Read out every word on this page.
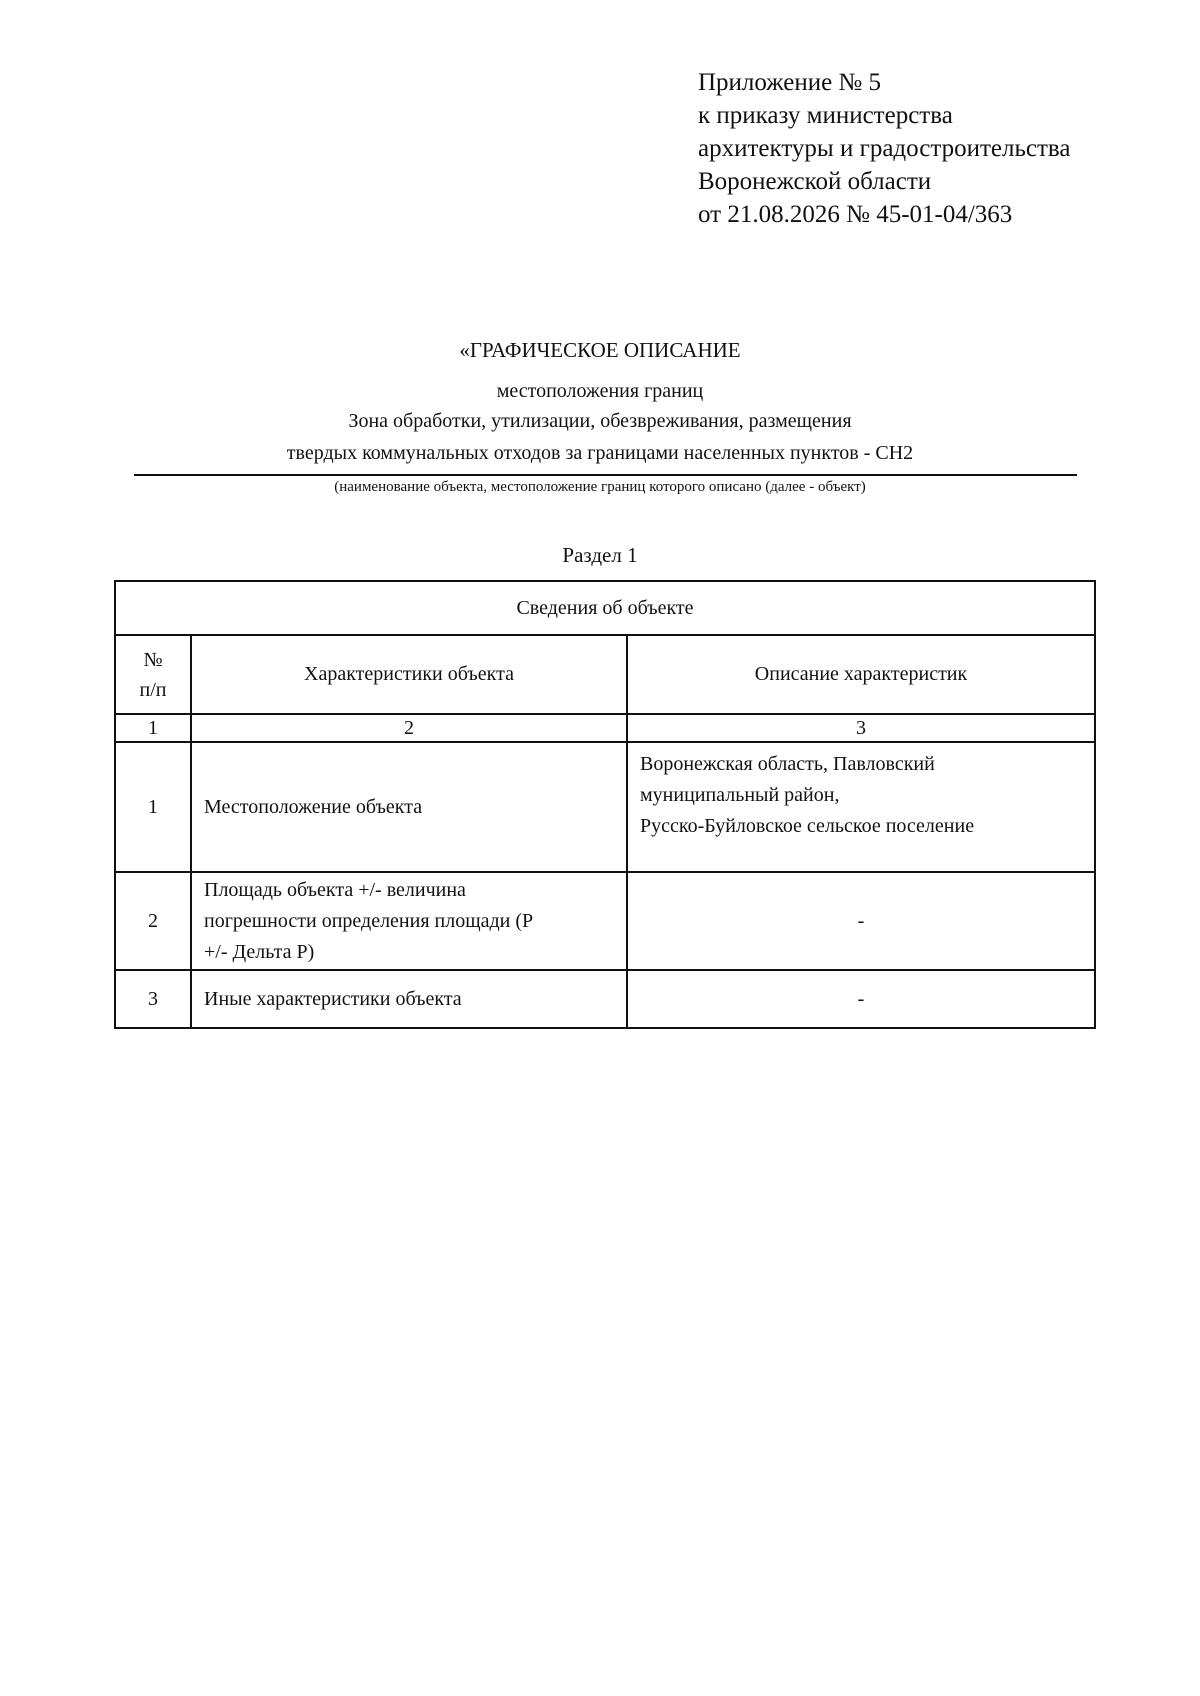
Приложение № 5
к приказу министерства
архитектуры и градостроительства
Воронежской области
от 21.08.2026 № 45-01-04/363
«ГРАФИЧЕСКОЕ ОПИСАНИЕ
местоположения границ
Зона обработки, утилизации, обезвреживания, размещения
твердых коммунальных отходов за границами населенных пунктов - СН2
(наименование объекта, местоположение границ которого описано (далее - объект)
Раздел 1
Сведения об объекте		

№
п/п	Характеристики объекта	Описание характеристик
1	2	3
1	Местоположение объекта	Воронежская область, Павловский
муниципальный район,
Русско-Буйловское сельское поселение

2	Площадь объекта +/- величина
погрешности определения площади (P
+/- Дельта P)	-
3	Иные характеристики объекта	-
